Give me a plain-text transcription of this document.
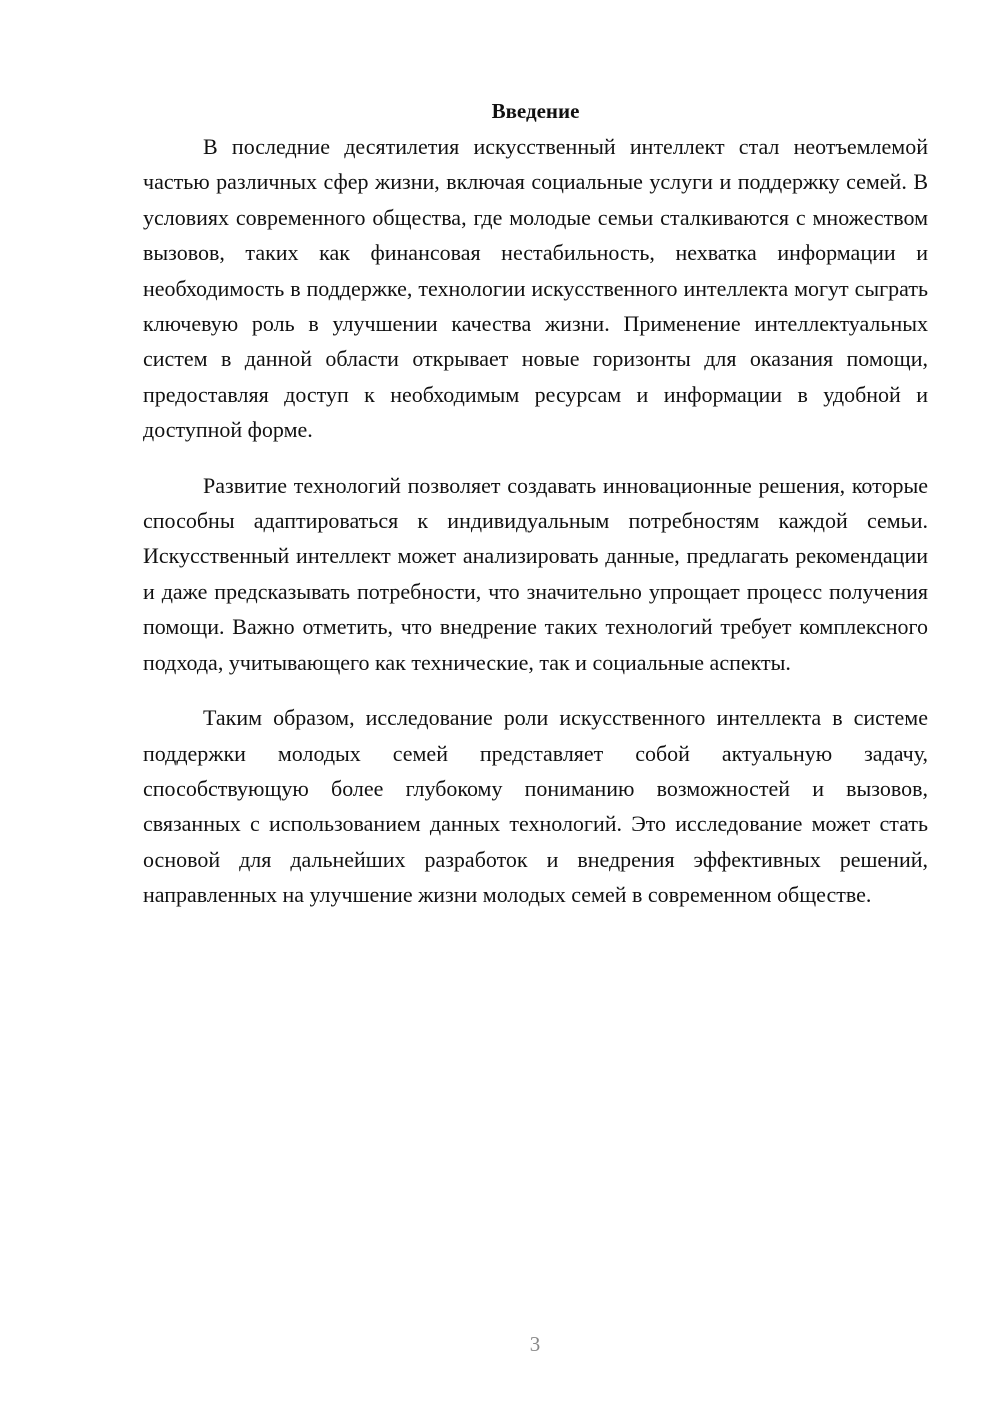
Введение

В последние десятилетия искусственный интеллект стал неотъемлемой частью различных сфер жизни, включая социальные услуги и поддержку семей. В условиях современного общества, где молодые семьи сталкиваются с множеством вызовов, таких как финансовая нестабильность, нехватка информации и необходимость в поддержке, технологии искусственного интеллекта могут сыграть ключевую роль в улучшении качества жизни. Применение интеллектуальных систем в данной области открывает новые горизонты для оказания помощи, предоставляя доступ к необходимым ресурсам и информации в удобной и доступной форме.

Развитие технологий позволяет создавать инновационные решения, которые способны адаптироваться к индивидуальным потребностям каждой семьи. Искусственный интеллект может анализировать данные, предлагать рекомендации и даже предсказывать потребности, что значительно упрощает процесс получения помощи. Важно отметить, что внедрение таких технологий требует комплексного подхода, учитывающего как технические, так и социальные аспекты.

Таким образом, исследование роли искусственного интеллекта в системе поддержки молодых семей представляет собой актуальную задачу, способствующую более глубокому пониманию возможностей и вызовов, связанных с использованием данных технологий. Это исследование может стать основой для дальнейших разработок и внедрения эффективных решений, направленных на улучшение жизни молодых семей в современном обществе.

3
